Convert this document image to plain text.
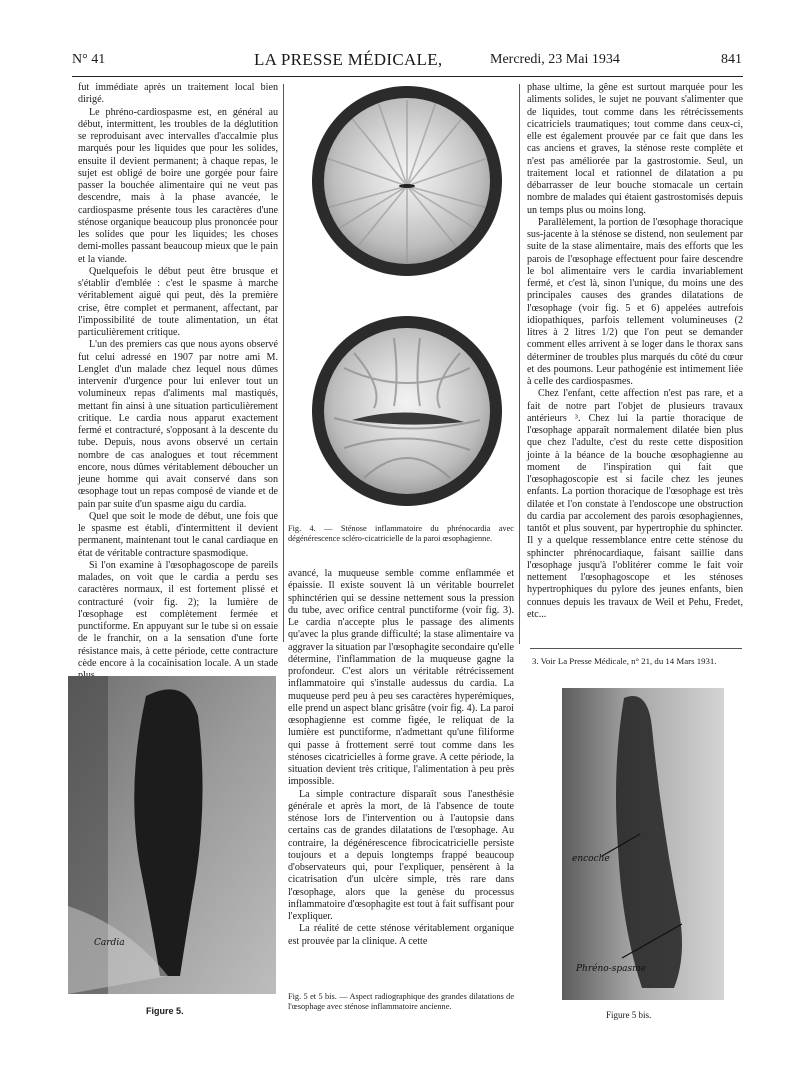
N° 41	LA PRESSE MÉDICALE,	Mercredi, 23 Mai 1934	841

fut immédiate après un traitement local bien dirigé.

Le phréno-cardiospasme est, en général au début, intermittent, les troubles de la déglutition se reproduisant avec intervalles d'accalmie plus marqués pour les liquides que pour les solides, ensuite il devient permanent; à chaque repas, le sujet est obligé de boire une gorgée pour faire passer la bouchée alimentaire qui ne veut pas descendre, mais à la phase avancée, le cardiospasme présente tous les caractères d'une sténose organique beaucoup plus prononcée pour les solides que pour les liquides; les choses demi-molles passant beaucoup mieux que le pain et la viande.

Quelquefois le début peut être brusque et s'établir d'emblée : c'est le spasme à marche véritablement aiguë qui peut, dès la première crise, être complet et permanent, affectant, par l'impossibilité de toute alimentation, un état particulièrement critique.

L'un des premiers cas que nous ayons observé fut celui adressé en 1907 par notre ami M. Lenglet d'un malade chez lequel nous dûmes intervenir d'urgence pour lui enlever tout un volumineux repas d'aliments mal mastiqués, mettant fin ainsi à une situation particulièrement critique. Le cardia nous apparut exactement fermé et contracturé, s'opposant à la descente du tube. Depuis, nous avons observé un certain nombre de cas analogues et tout récemment encore, nous dûmes véritablement déboucher un jeune homme qui avait conservé dans son œsophage tout un repas composé de viande et de pain par suite d'un spasme aigu du cardia.

Quel que soit le mode de début, une fois que le spasme est établi, d'intermittent il devient permanent, maintenant tout le canal cardiaque en état de véritable contracture spasmodique.

Si l'on examine à l'œsophagoscope de pareils malades, on voit que le cardia a perdu ses caractères normaux, il est fortement plissé et contracturé (voir fig. 2); la lumière de l'œsophage est complètement fermée et punctiforme. En appuyant sur le tube si on essaie de le franchir, on a la sensation d'une forte résistance mais, à cette période, cette contracture cède encore à la cocaïnisation locale. A un stade

Fig. 4. — Sténose inflammatoire du phrénocardia avec dégénérescence scléro-cicatricielle de la paroi œsophagienne.

avancé, la muqueuse semble comme enflammée et épaissie. Il existe souvent là un véritable bourrelet sphinctérien qui se dessine nettement sous la pression du tube, avec orifice central punctiforme (voir fig. 3). Le cardia n'accepte plus le passage des aliments qu'avec la plus grande difficulté; la stase alimentaire va aggraver la situation par l'œsophagite secondaire qu'elle détermine, l'inflammation de la muqueuse gagne la profondeur. C'est alors un véritable rétrécissement inflammatoire qui s'installe audessus du cardia. La muqueuse perd peu à peu ses caractères hyperémiques, elle prend un aspect blanc grisâtre (voir fig. 4). La paroi œsophagienne est comme figée, le reliquat de la lumière est punctiforme, n'admettant qu'une filiforme qui passe à frottement serré tout comme dans les sténoses cicatricielles à forme grave. A cette période, la situation devient très critique, l'alimentation à peu près impossible.

La simple contracture disparaît sous l'anesthésie générale et après la mort, de là l'absence de toute sténose lors de l'intervention ou à l'autopsie dans certains cas de grandes dilatations de l'œsophage. Au contraire, la dégénérescence fibrocicatricielle persiste toujours et a depuis longtemps frappé beaucoup d'observateurs qui, pour l'expliquer, pensèrent à la cicatrisation d'un ulcère simple, très rare dans l'œsophage, alors que la genèse du processus inflammatoire d'œsophagite est tout à fait suffisant pour l'expliquer.

La réalité de cette sténose véritablement organique est prouvée par la clinique. A cette

Fig. 5 et 5 bis. — Aspect radiographique des grandes dilatations de l'œsophage avec sténose inflammatoire ancienne.

phase ultime, la gêne est surtout marquée pour les aliments solides, le sujet ne pouvant s'alimenter que de liquides, tout comme dans les rétrécissements cicatriciels traumatiques; tout comme dans ceux-ci, elle est également prouvée par ce fait que dans les cas anciens et graves, la sténose reste complète et n'est pas améliorée par la gastrostomie. Seul, un traitement local et rationnel de dilatation a pu débarrasser de leur bouche stomacale un certain nombre de malades qui étaient gastrostomisés depuis un temps plus ou moins long.

Parallèlement, la portion de l'œsophage thoracique sus-jacente à la sténose se distend, non seulement par suite de la stase alimentaire, mais des efforts que les parois de l'œsophage effectuent pour faire descendre le bol alimentaire vers le cardia invariablement fermé, et c'est là, sinon l'unique, du moins une des principales causes des grandes dilatations de l'œsophage (voir fig. 5 et 6) appelées autrefois idiopathiques, parfois tellement volumineuses (2 litres à 2 litres 1/2) que l'on peut se demander comment elles arrivent à se loger dans le thorax sans déterminer de troubles plus marqués du côté du cœur et des poumons. Leur pathogénie est intimement liée à celle des cardiospasmes.

Chez l'enfant, cette affection n'est pas rare, et a fait de notre part l'objet de plusieurs travaux antérieurs ³. Chez lui la partie thoracique de l'œsophage apparaît normalement dilatée bien plus que chez l'adulte, c'est du reste cette disposition jointe à la béance de la bouche œsophagienne au moment de l'inspiration qui fait que l'œsophagoscopie est si facile chez les jeunes enfants. La portion thoracique de l'œsophage est très dilatée et l'on constate à l'endoscope une obstruction du cardia par accolement des parois œsophagiennes, tantôt et plus souvent, par hypertrophie du sphincter. Il y a quelque ressemblance entre cette sténose du sphincter phrénocardiaque, faisant saillie dans l'œsophage jusqu'à l'oblitérer comme le fait voir nettement l'œsophagoscope et les sténoses hypertrophiques du pylore des jeunes enfants, bien connues depuis les travaux de Weil et Pehu, Fredet, etc...

3. Voir La Presse Médicale, n° 21, du 14 Mars 1931.
Cardia
Figure 5.
encoche
Phréno-spasme
Figure 5 bis.
